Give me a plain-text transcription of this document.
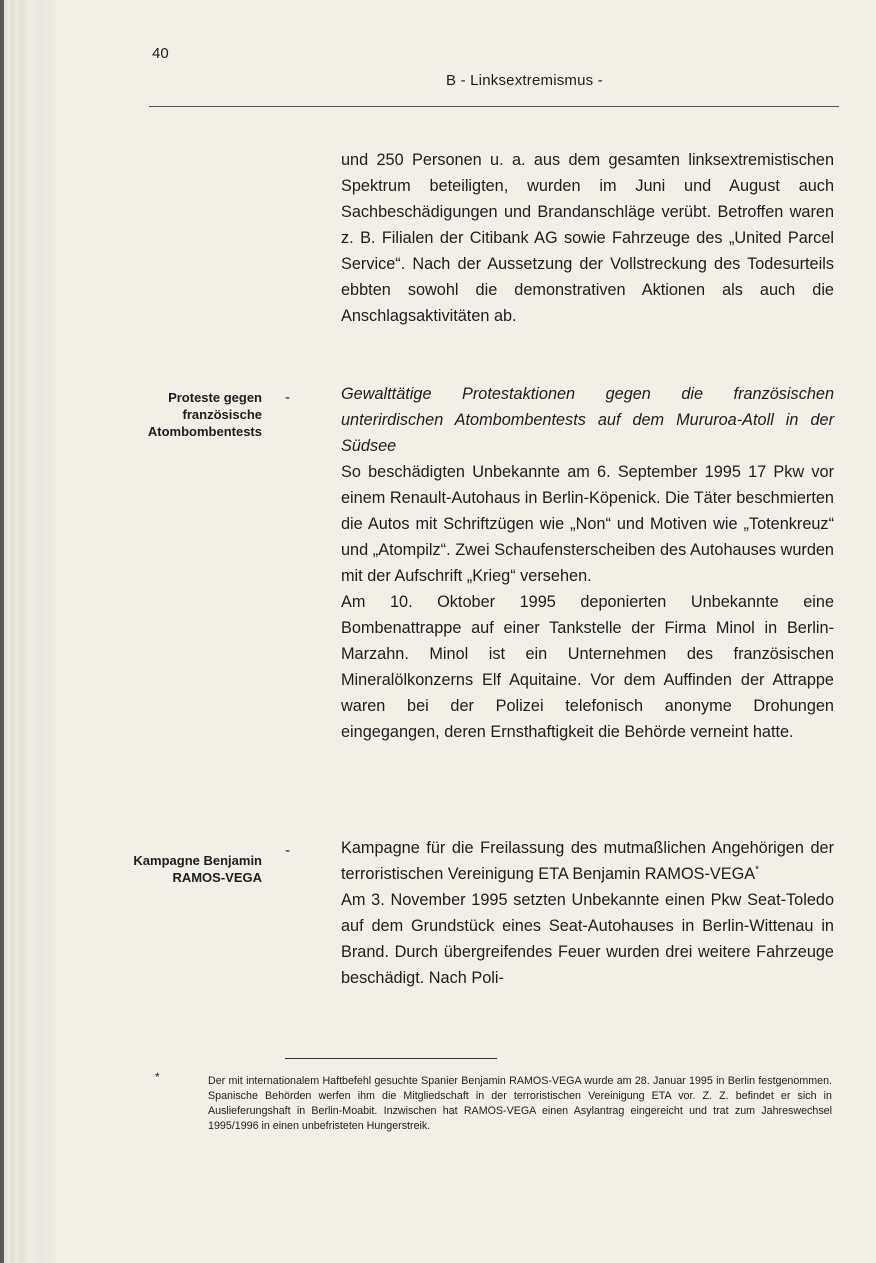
40
B - Linksextremismus -

und 250 Personen u. a. aus dem gesamten linksextremistischen Spektrum beteiligten, wurden im Juni und August auch Sachbeschädigungen und Brandanschläge verübt. Betroffen waren z. B. Filialen der Citibank AG sowie Fahrzeuge des „United Parcel Service“. Nach der Aussetzung der Vollstreckung des Todesurteils ebbten sowohl die demonstrativen Aktionen als auch die Anschlagsaktivitäten ab.

Proteste gegen französische Atombombentests
-	Gewalttätige Protestaktionen gegen die französischen unterirdischen Atombombentests auf dem Mururoa-Atoll in der Südsee

So beschädigten Unbekannte am 6. September 1995 17 Pkw vor einem Renault-Autohaus in Berlin-Köpenick. Die Täter beschmierten die Autos mit Schriftzügen wie „Non“ und Motiven wie „Totenkreuz“ und „Atompilz“. Zwei Schaufensterscheiben des Autohauses wurden mit der Aufschrift „Krieg“ versehen.

Am 10. Oktober 1995 deponierten Unbekannte eine Bombenattrappe auf einer Tankstelle der Firma Minol in Berlin-Marzahn. Minol ist ein Unternehmen des französischen Mineralölkonzerns Elf Aquitaine. Vor dem Auffinden der Attrappe waren bei der Polizei telefonisch anonyme Drohungen eingegangen, deren Ernsthaftigkeit die Behörde verneint hatte.

Kampagne Benjamin RAMOS-VEGA
-	Kampagne für die Freilassung des mutmaßlichen Angehörigen der terroristischen Vereinigung ETA Benjamin RAMOS-VEGA*

Am 3. November 1995 setzten Unbekannte einen Pkw Seat-Toledo auf dem Grundstück eines Seat-Autohauses in Berlin-Wittenau in Brand. Durch übergreifendes Feuer wurden drei weitere Fahrzeuge beschädigt. Nach Poli-

*	Der mit internationalem Haftbefehl gesuchte Spanier Benjamin RAMOS-VEGA wurde am 28. Januar 1995 in Berlin festgenommen. Spanische Behörden werfen ihm die Mitgliedschaft in der terroristischen Vereinigung ETA vor. Z. Z. befindet er sich in Auslieferungshaft in Berlin-Moabit. Inzwischen hat RAMOS-VEGA einen Asylantrag eingereicht und trat zum Jahreswechsel 1995/1996 in einen unbefristeten Hungerstreik.
